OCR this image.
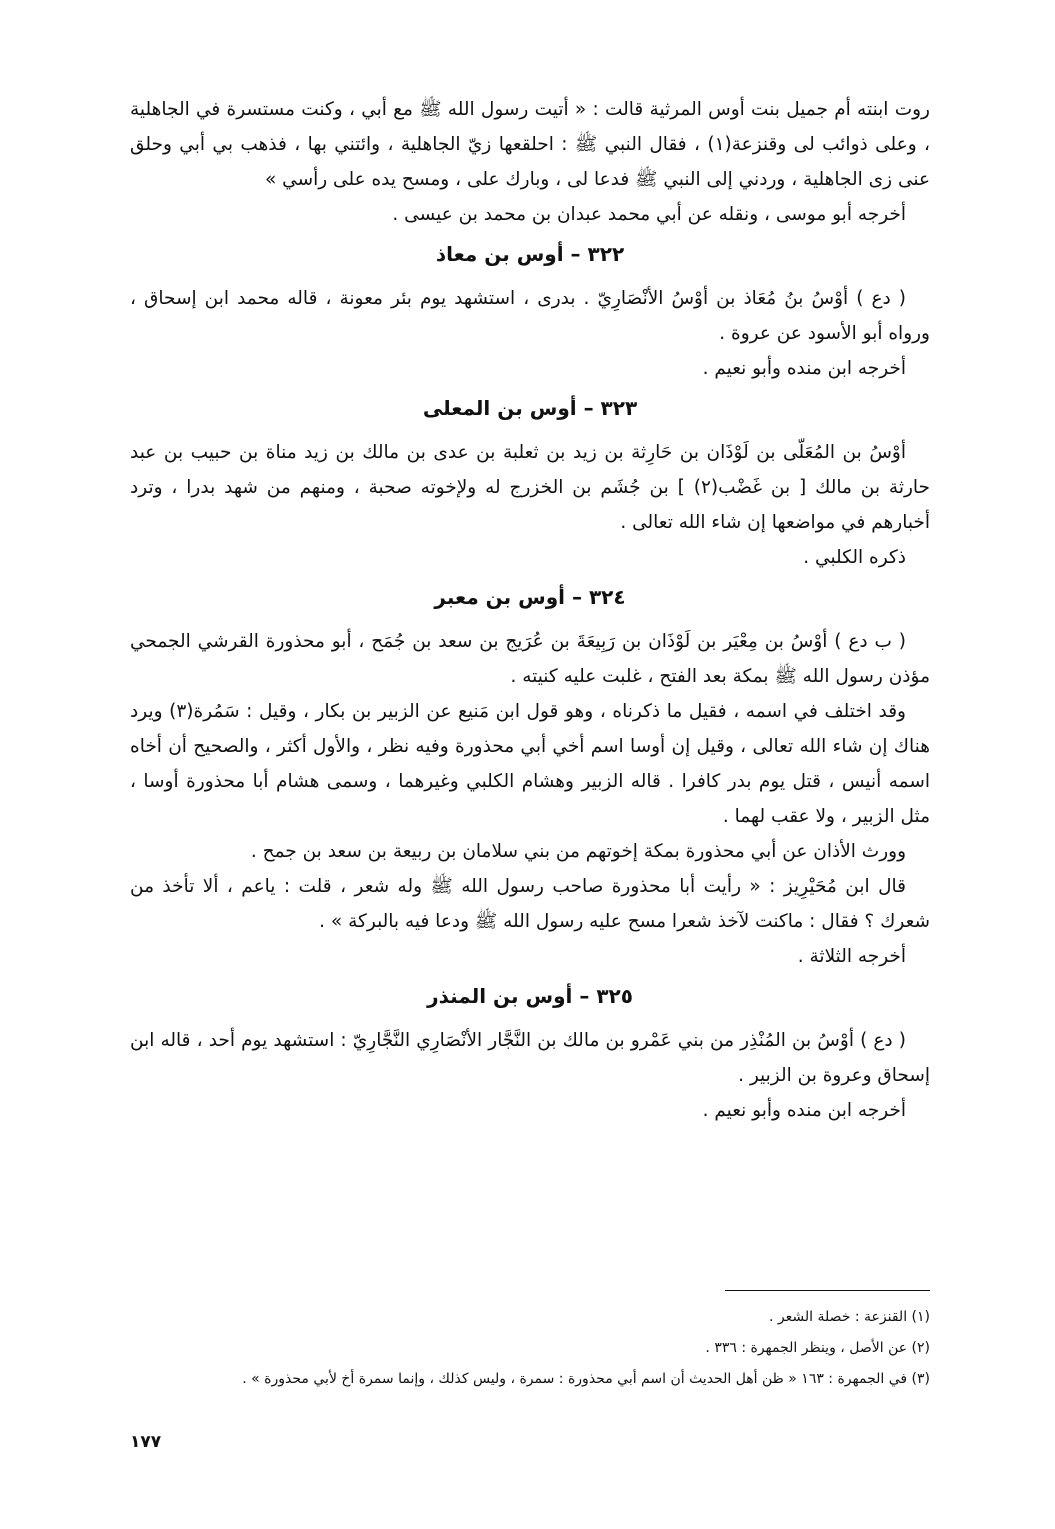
روت ابنته أم جميل بنت أوس المرثية قالت : « أتيت رسول الله ﷺ مع أبي ، وكنت مستسرة في الجاهلية ، وعلى ذوائب لى وقنزعة(١) ، فقال النبي ﷺ : احلقعها زيّ الجاهلية ، وائتني بها ، فذهب بي أبي وحلق عنى زى الجاهلية ، وردني إلى النبي ﷺ فدعا لى ، وبارك على ، ومسح يده على رأسي »

أخرجه أبو موسى ، ونقله عن أبي محمد عبدان بن محمد بن عيسى .

٣٢٢ – أوس بن معاذ

( دع ) أوْسُ بنُ مُعَاذ بن أوْسُ الأنْصَارِيّ . بدرى ، استشهد يوم بئر معونة ، قاله محمد ابن إسحاق ، ورواه أبو الأسود عن عروة .

أخرجه ابن منده وأبو نعيم .

٣٢٣ – أوس بن المعلى

أوْسُ بن المُعَلّى بن لَوْذَان بن حَارِثة بن زيد بن ثعلبة بن عدى بن مالك بن زيد مناة بن حبيب بن عبد حارثة بن مالك [ بن غَضْب(٢) ] بن جُشَم بن الخزرج له ولإخوته صحبة ، ومنهم من شهد بدرا ، وترد أخبارهم في مواضعها إن شاء الله تعالى .

ذكره الكلبي .

٣٢٤ – أوس بن معبر

( ب دع ) أوْسُ بن مِعْيَر بن لَوْذَان بن رَبِيعَةَ بن عُرَيج بن سعد بن جُمَح ، أبو محذورة القرشي الجمحي مؤذن رسول الله ﷺ بمكة بعد الفتح ، غلبت عليه كنيته .

وقد اختلف في اسمه ، فقيل ما ذكرناه ، وهو قول ابن مَنيع عن الزبير بن بكار ، وقيل : سَمُرة(٣) ويرد هناك إن شاء الله تعالى ، وقيل إن أوسا اسم أخي أبي محذورة وفيه نظر ، والأول أكثر ، والصحيح أن أخاه اسمه أنيس ، قتل يوم بدر كافرا . قاله الزبير وهشام الكلبي وغيرهما ، وسمى هشام أبا محذورة أوسا ، مثل الزبير ، ولا عقب لهما .

وورث الأذان عن أبي محذورة بمكة إخوتهم من بني سلامان بن ربيعة بن سعد بن جمح .

قال ابن مُحَيْرِيز : « رأيت أبا محذورة صاحب رسول الله ﷺ وله شعر ، قلت : ياعم ، ألا تأخذ من شعرك ؟ فقال : ماكنت لآخذ شعرا مسح عليه رسول الله ﷺ ودعا فيه بالبركة » .

أخرجه الثلاثة .

٣٢٥ – أوس بن المنذر

( دع ) أوْسُ بن المُنْذِر من بني عَمْرو بن مالك بن النَّجَّار الأنْصَارِي النَّجَّارِيّ : استشهد يوم أحد ، قاله ابن إسحاق وعروة بن الزبير .

أخرجه ابن منده وأبو نعيم .

(١) القنزعة : خصلة الشعر .

(٢) عن الأصل ، وينظر الجمهرة : ٣٣٦ .

(٣) في الجمهرة : ١٦٣ « ظن أهل الحديث أن اسم أبي محذورة : سمرة ، وليس كذلك ، وإنما سمرة أخ لأبي محذورة » .

١٧٧
